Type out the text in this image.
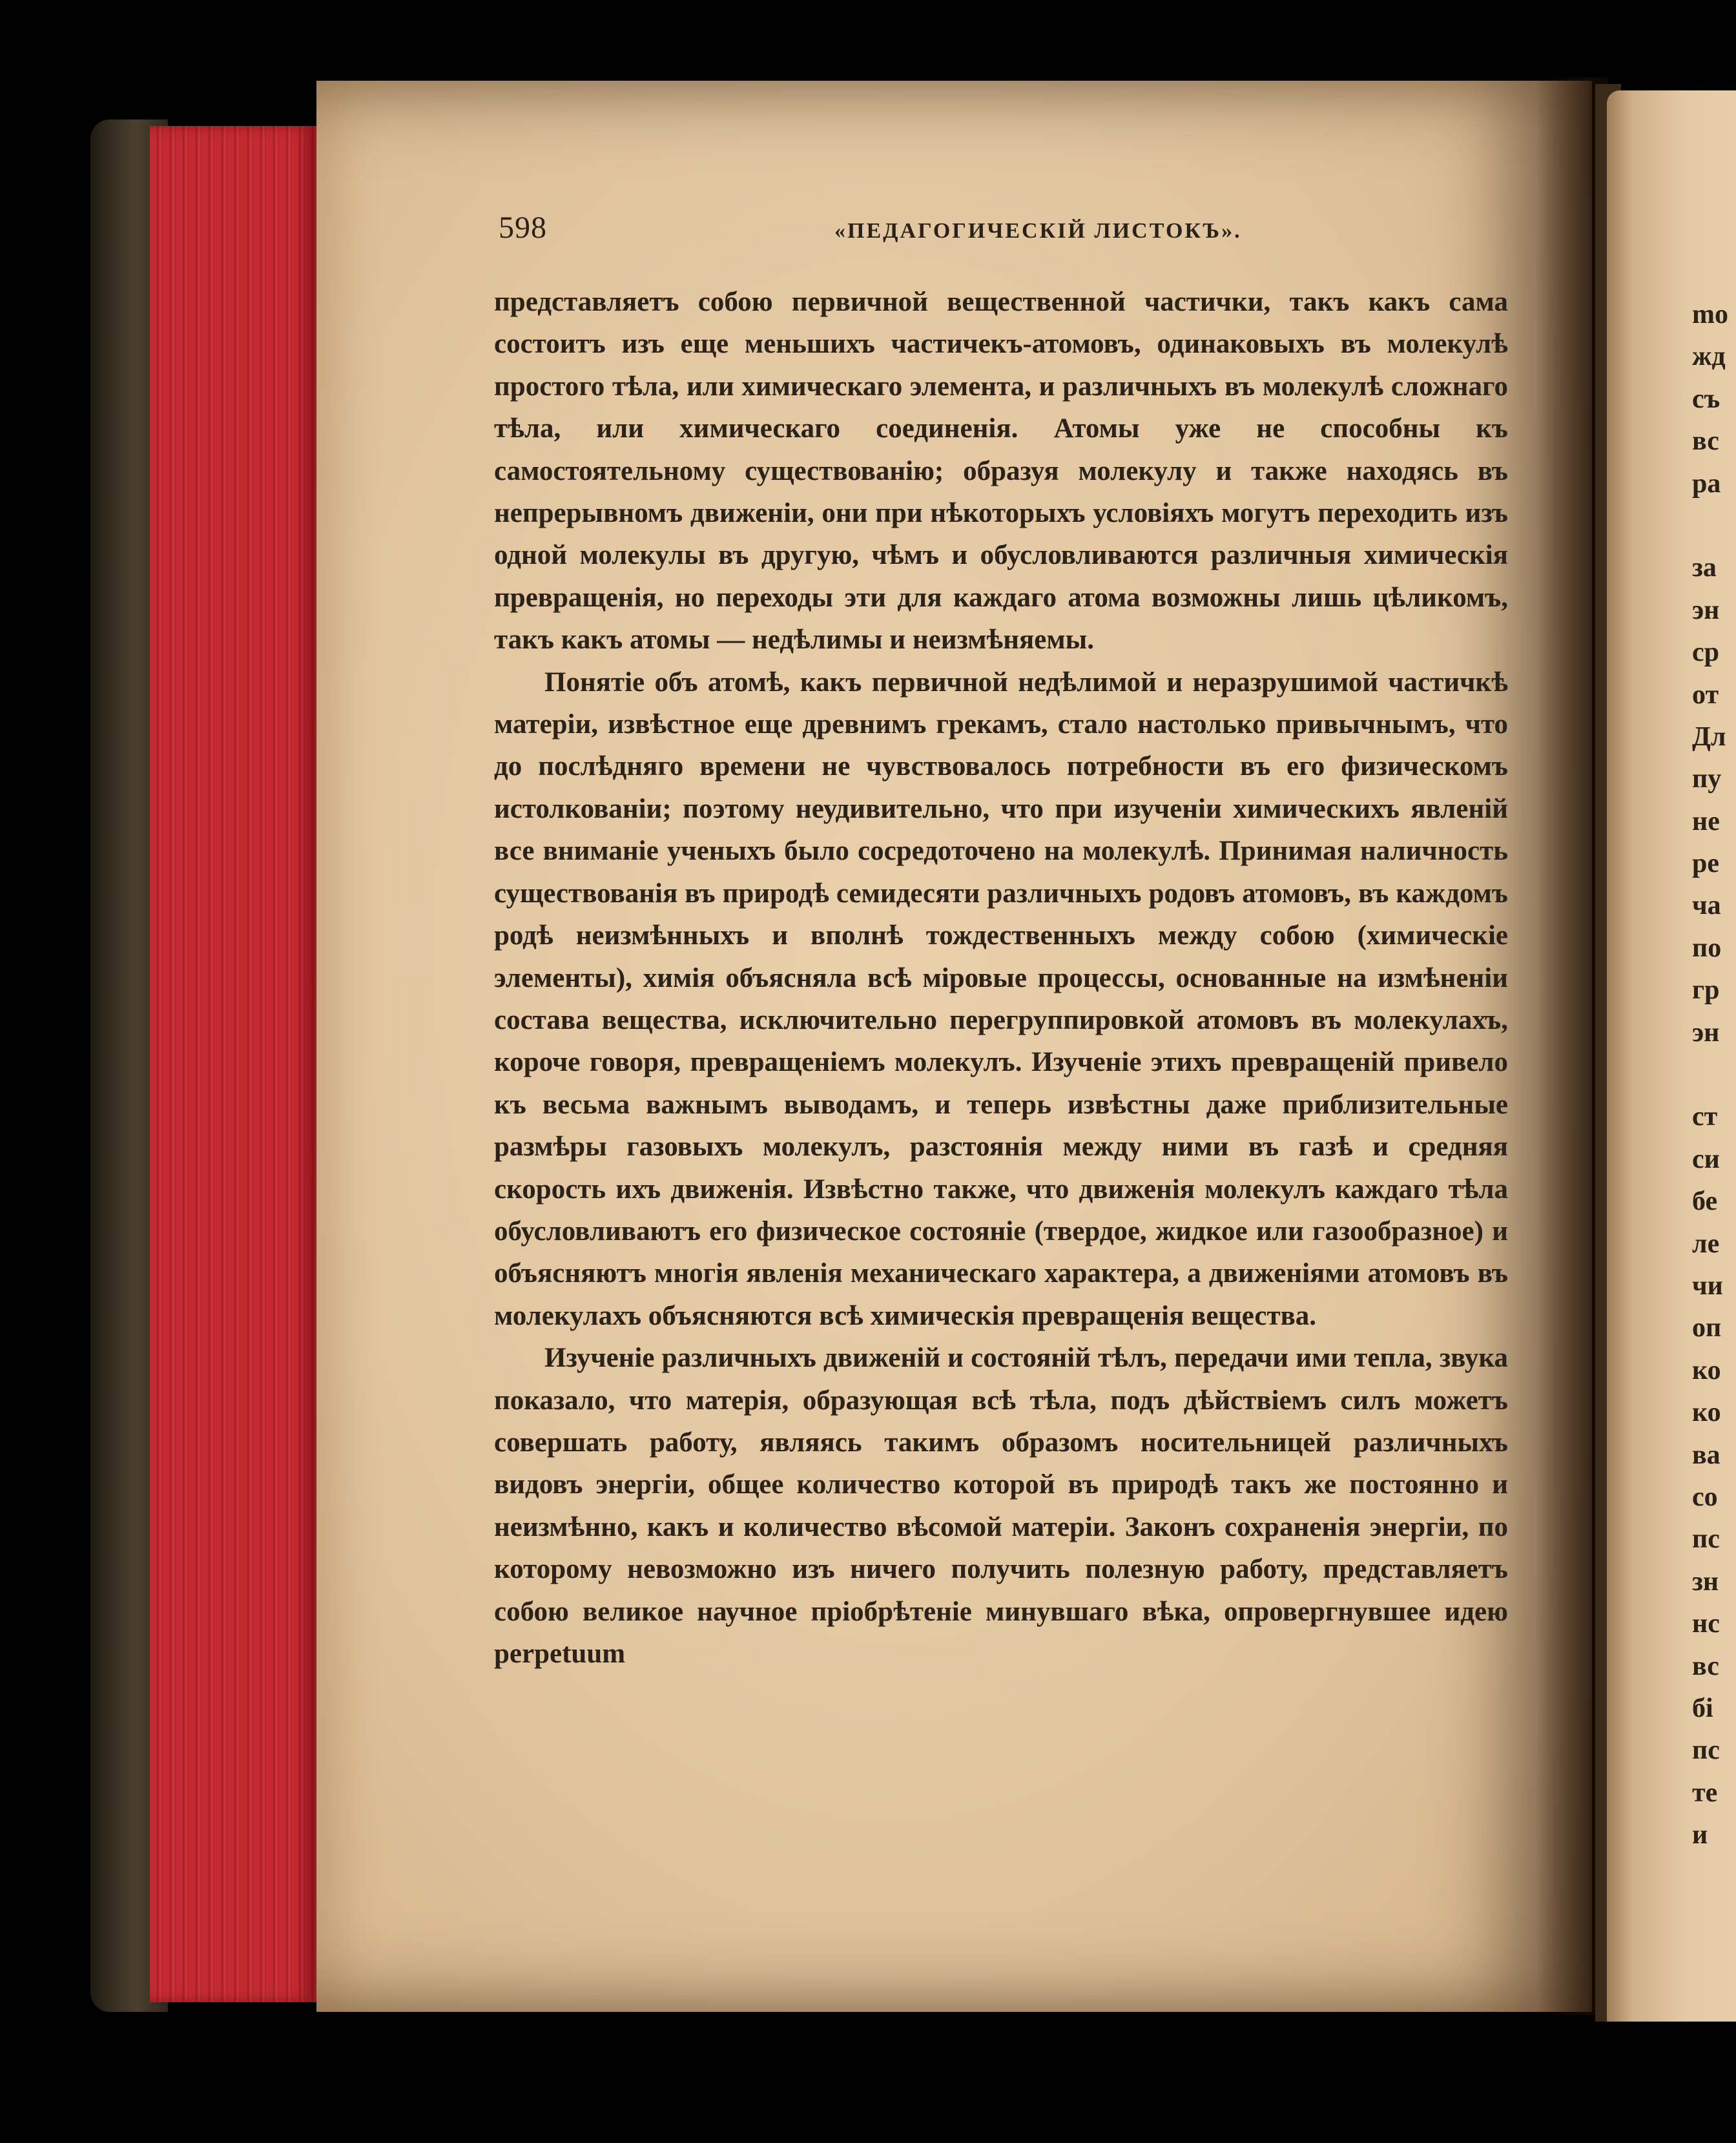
598	«ПЕДАГОГИЧЕСКІЙ ЛИСТОКЪ».

представляетъ собою первичной вещественной частички, такъ какъ сама состоитъ изъ еще меньшихъ частичекъ-атомовъ, одинаковыхъ въ молекулѣ простого тѣла, или химическаго элемента, и различныхъ въ молекулѣ сложнаго тѣла, или химическаго соединенія. Атомы уже не способны къ самостоятельному существованію; образуя молекулу и также находясь въ непрерывномъ движеніи, они при нѣкоторыхъ условіяхъ могутъ переходить изъ одной молекулы въ другую, чѣмъ и обусловливаются различныя химическія превращенія, но переходы эти для каждаго атома возможны лишь цѣликомъ, такъ какъ атомы — недѣлимы и неизмѣняемы.

Понятіе объ атомѣ, какъ первичной недѣлимой и неразрушимой частичкѣ матеріи, извѣстное еще древнимъ грекамъ, стало настолько привычнымъ, что до послѣдняго времени не чувствовалось потребности въ его физическомъ истолкованіи; поэтому неудивительно, что при изученіи химическихъ явленій все вниманіе ученыхъ было сосредоточено на молекулѣ. Принимая наличность существованія въ природѣ семидесяти различныхъ родовъ атомовъ, въ каждомъ родѣ неизмѣнныхъ и вполнѣ тождественныхъ между собою (химическіе элементы), химія объясняла всѣ міровые процессы, основанные на измѣненіи состава вещества, исключительно перегруппировкой атомовъ въ молекулахъ, короче говоря, превращеніемъ молекулъ. Изученіе этихъ превращеній привело къ весьма важнымъ выводамъ, и теперь извѣстны даже приблизительные размѣры газовыхъ молекулъ, разстоянія между ними въ газѣ и средняя скорость ихъ движенія. Извѣстно также, что движенія молекулъ каждаго тѣла обусловливаютъ его физическое состояніе (твердое, жидкое или газообразное) и объясняютъ многія явленія механическаго характера, а движеніями атомовъ въ молекулахъ объясняются всѣ химическія превращенія вещества.

Изученіе различныхъ движеній и состояній тѣлъ, передачи ими тепла, звука показало, что матерія, образующая всѣ тѣла, подъ дѣйствіемъ силъ можетъ совершать работу, являясь такимъ образомъ носительницей различныхъ видовъ энергіи, общее количество которой въ природѣ такъ же постоянно и неизмѣнно, какъ и количество вѣсомой матеріи. Законъ сохраненія энергіи, по которому невозможно изъ ничего получить полезную работу, представляетъ собою великое научное пріобрѣтеніе минувшаго вѣка, опровергнувшее идею perpetuum

mo
жд
съ
вс
ра
за
эн
ср
от
Дл
пу
не
ре
ча
по
гр
эн
ст
си
бе
ле
чи
оп
ко
ко
ва
со
пс
зн
нс
вс
бі
пс
те
и
